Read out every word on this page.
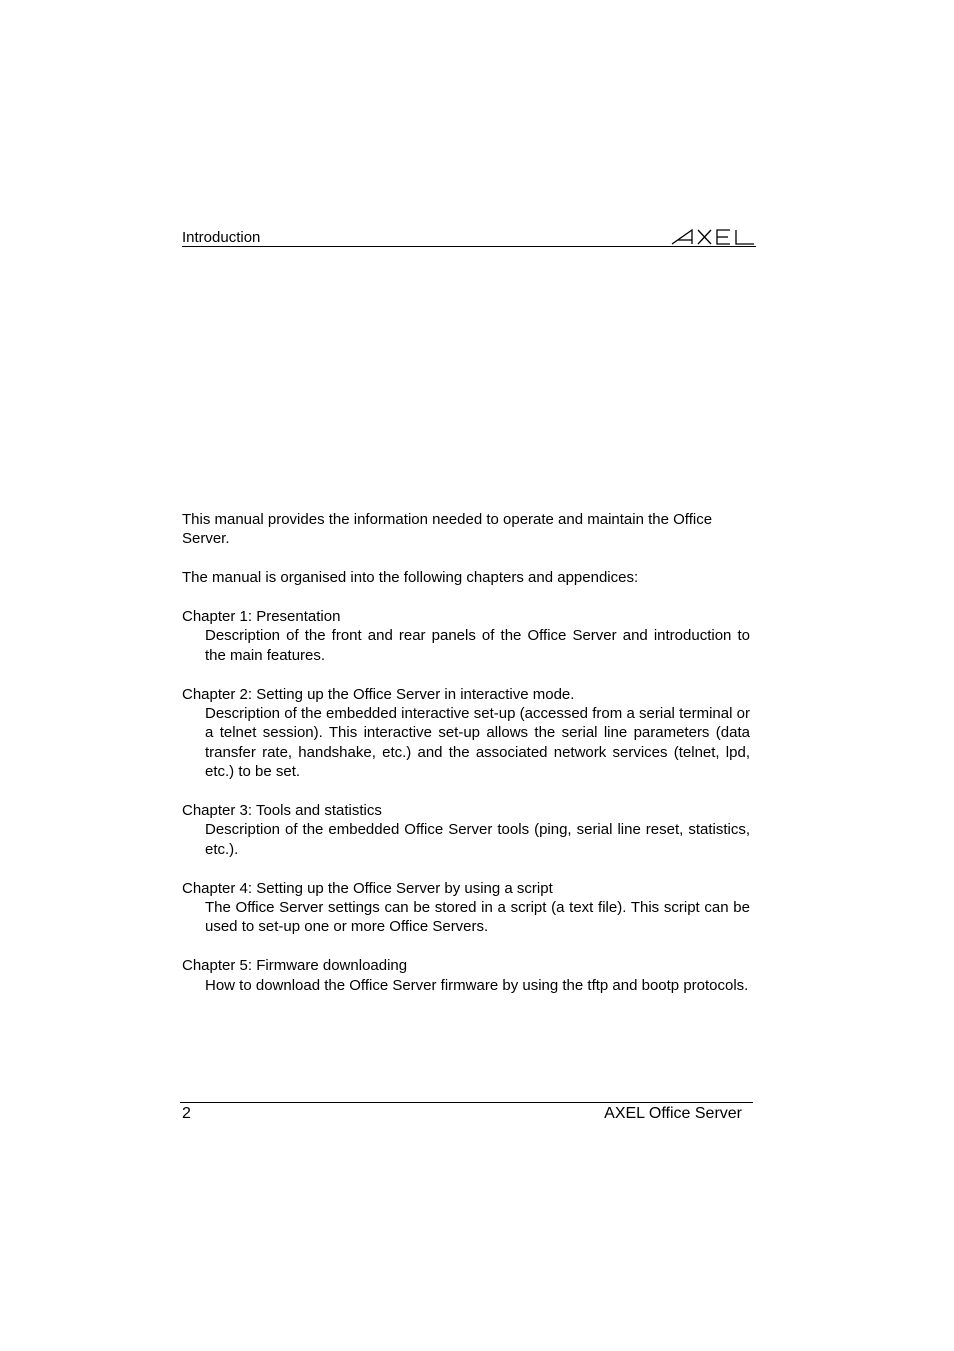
Introduction

This manual provides the information needed to operate and maintain the Office Server.

The manual is organised into the following chapters and appendices:

Chapter 1: Presentation
Description of the front and rear panels of the Office Server and introduction to the main features.
Chapter 2: Setting up the Office Server in interactive mode.
Description of the embedded interactive set-up (accessed from a serial terminal or a telnet session). This interactive set-up allows the serial line parameters (data transfer rate, handshake, etc.) and the associated network services (telnet, lpd, etc.) to be set.
Chapter 3: Tools and statistics
Description of the embedded Office Server tools (ping, serial line reset, statistics, etc.).
Chapter 4: Setting up the Office Server by using a script
The Office Server settings can be stored in a script (a text file). This script can be used to set-up one or more Office Servers.
Chapter 5: Firmware downloading
How to download the Office Server firmware by using the tftp and bootp protocols.
2	AXEL Office Server
